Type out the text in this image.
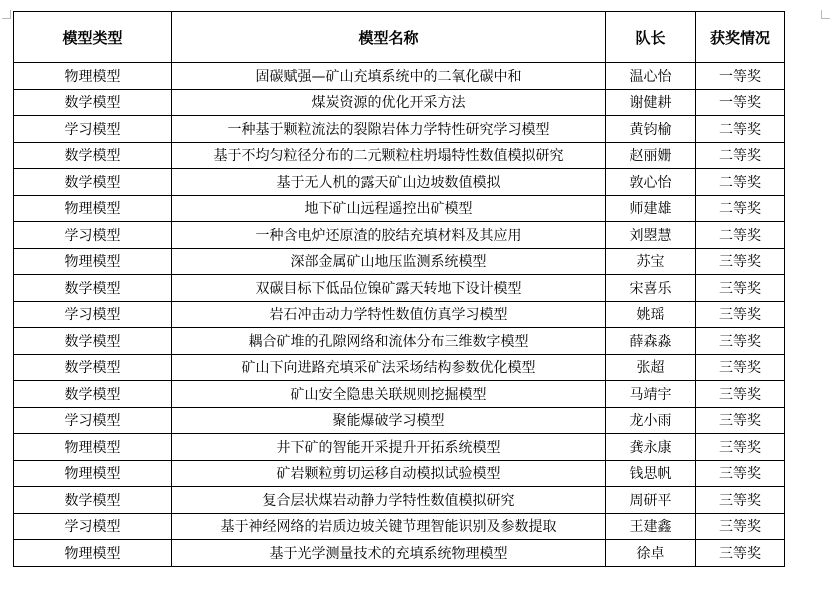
模型类型	模型名称	队长	获奖情况
物理模型	固碳赋强—矿山充填系统中的二氧化碳中和	温心怡	一等奖
数学模型	煤炭资源的优化开采方法	谢健耕	一等奖
学习模型	一种基于颗粒流法的裂隙岩体力学特性研究学习模型	黄钧榆	二等奖
数学模型	基于不均匀粒径分布的二元颗粒柱坍塌特性数值模拟研究	赵丽姗	二等奖
数学模型	基于无人机的露天矿山边坡数值模拟	敦心怡	二等奖
物理模型	地下矿山远程遥控出矿模型	师建雄	二等奖
学习模型	一种含电炉还原渣的胶结充填材料及其应用	刘曌慧	二等奖
物理模型	深部金属矿山地压监测系统模型	苏宝	三等奖
数学模型	双碳目标下低品位镍矿露天转地下设计模型	宋喜乐	三等奖
学习模型	岩石冲击动力学特性数值仿真学习模型	姚瑶	三等奖
数学模型	耦合矿堆的孔隙网络和流体分布三维数字模型	薛森淼	三等奖
数学模型	矿山下向进路充填采矿法采场结构参数优化模型	张超	三等奖
数学模型	矿山安全隐患关联规则挖掘模型	马靖宇	三等奖
学习模型	聚能爆破学习模型	龙小雨	三等奖
物理模型	井下矿的智能开采提升开拓系统模型	龚永康	三等奖
物理模型	矿岩颗粒剪切运移自动模拟试验模型	钱思帆	三等奖
数学模型	复合层状煤岩动静力学特性数值模拟研究	周研平	三等奖
学习模型	基于神经网络的岩质边坡关键节理智能识别及参数提取	王建鑫	三等奖
物理模型	基于光学测量技术的充填系统物理模型	徐卓	三等奖
